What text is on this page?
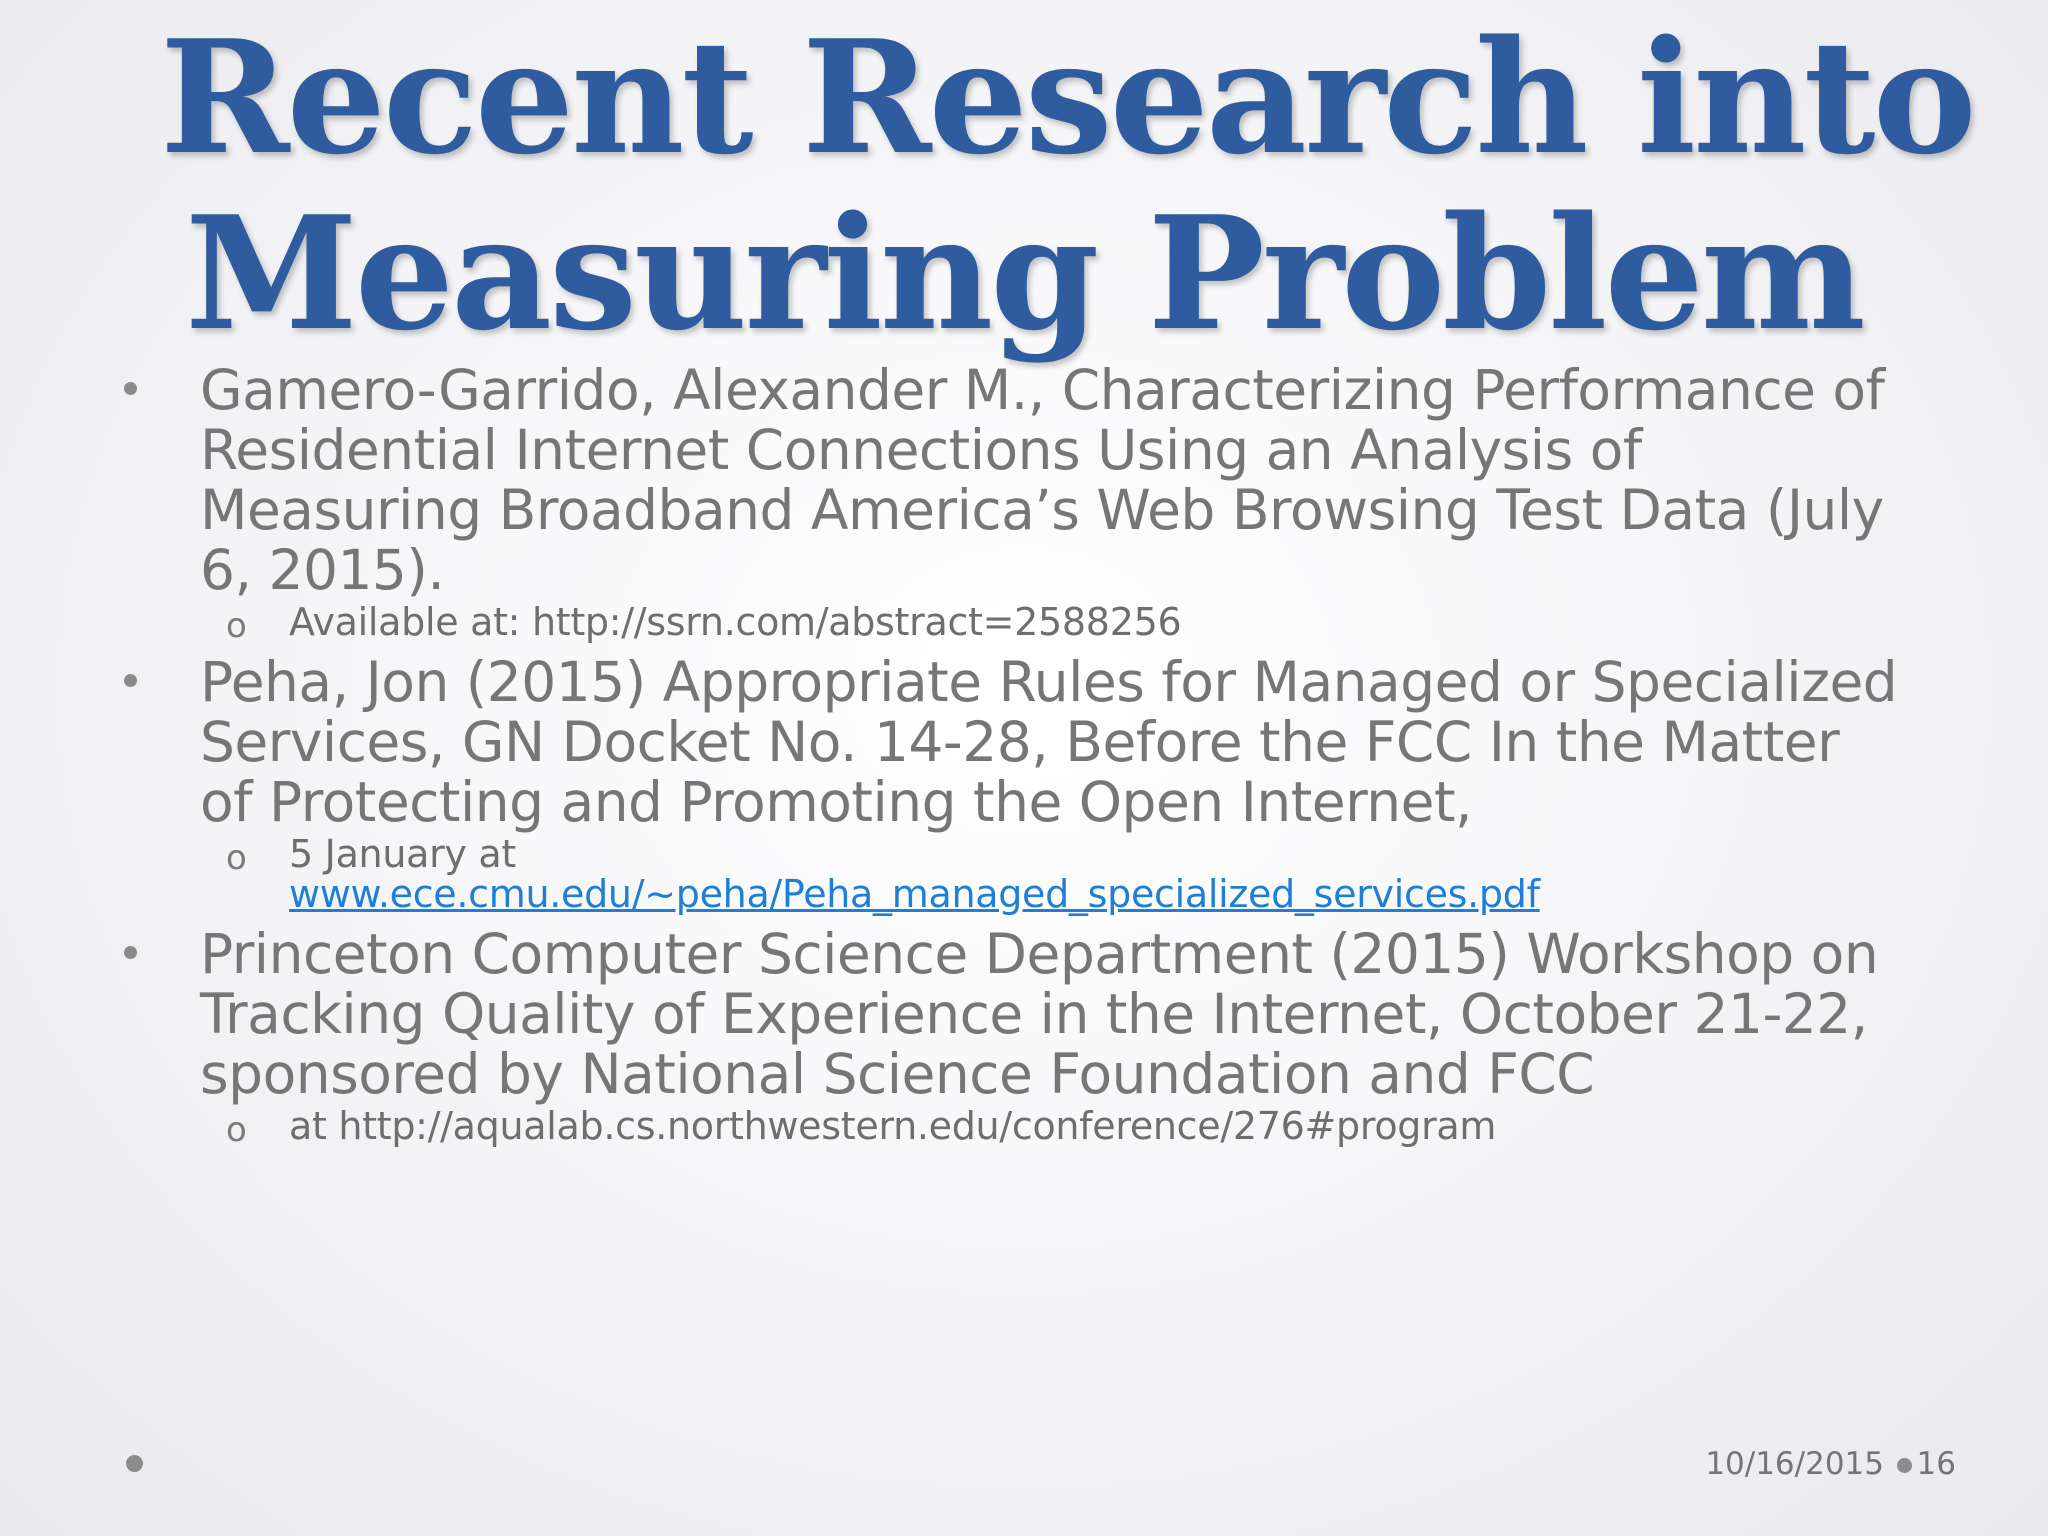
Recent Research into
Measuring Problem
Gamero-Garrido, Alexander M., Characterizing Performance of Residential Internet Connections Using an Analysis of Measuring Broadband America’s Web Browsing Test Data (July 6, 2015).
o Available at: http://ssrn.com/abstract=2588256
Peha, Jon (2015) Appropriate Rules for Managed or Specialized Services, GN Docket No. 14-28, Before the FCC In the Matter of Protecting and Promoting the Open Internet,
o 5 January at
www.ece.cmu.edu/~peha/Peha_managed_specialized_services.pdf
Princeton Computer Science Department (2015) Workshop on Tracking Quality of Experience in the Internet, October 21-22, sponsored by National Science Foundation and FCC
o at http://aqualab.cs.northwestern.edu/conference/276#program
10/16/2015 16
